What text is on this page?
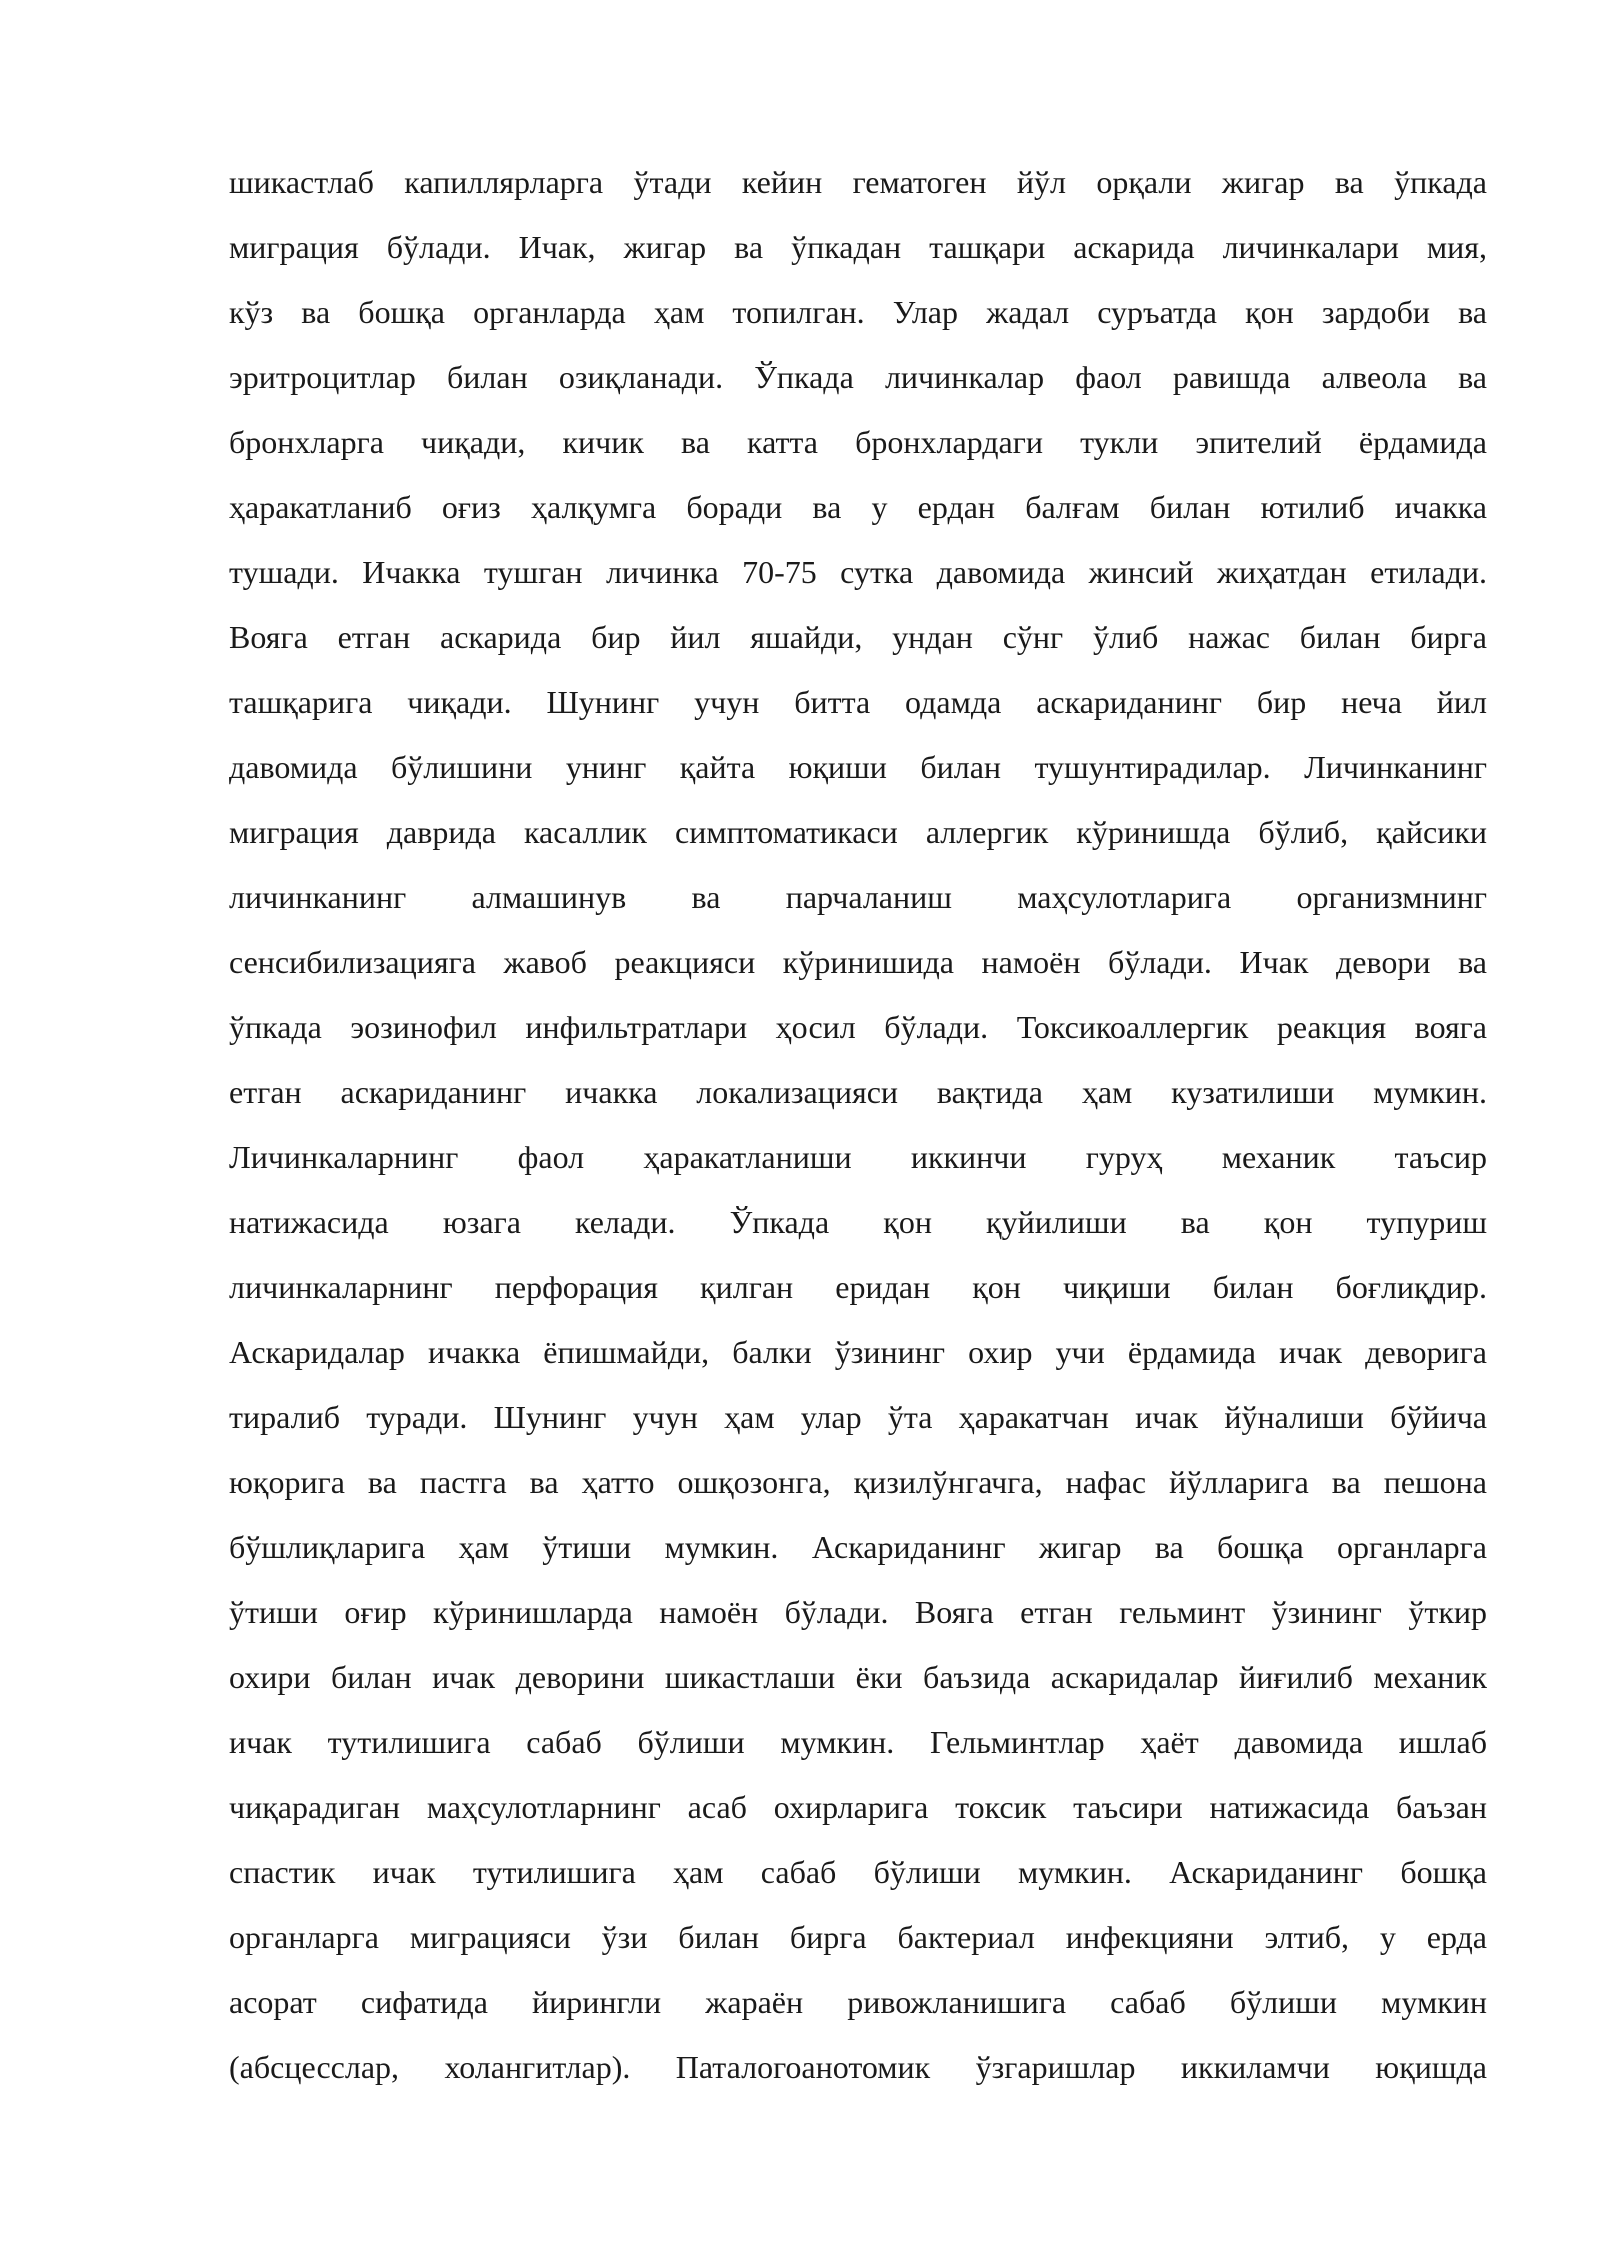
шикастлаб капиллярларга ўтади кейин гематоген йўл орқали жигар ва ўпкада
миграция бўлади. Ичак, жигар ва ўпкадан ташқари аскарида личинкалари мия,
кўз ва бошқа органларда ҳам топилган. Улар жадал суръатда қон зардоби ва
эритроцитлар билан озиқланади. Ўпкада личинкалар фаол равишда алвеола ва
бронхларга чиқади, кичик ва катта бронхлардаги тукли эпителий ёрдамида
ҳаракатланиб оғиз ҳалқумга боради ва у ердан балғам билан ютилиб ичакка
тушади. Ичакка тушган личинка 70-75 сутка давомида жинсий жиҳатдан етилади.
Вояга етган аскарида бир йил яшайди, ундан сўнг ўлиб нажас билан бирга
ташқарига чиқади. Шунинг учун битта одамда аскариданинг бир неча йил
давомида бўлишини унинг қайта юқиши билан тушунтирадилар. Личинканинг
миграция даврида касаллик симптоматикаси аллергик кўринишда бўлиб, қайсики
личинканинг алмашинув ва парчаланиш маҳсулотларига организмнинг
сенсибилизацияга жавоб реакцияси кўринишида намоён бўлади. Ичак девори ва
ўпкада эозинофил инфильтратлари ҳосил бўлади. Токсикоаллергик реакция вояга
етган аскариданинг ичакка локализацияси вақтида ҳам кузатилиши мумкин.
Личинкаларнинг фаол ҳаракатланиши иккинчи гуруҳ механик таъсир
натижасида юзага келади. Ўпкада қон қуйилиши ва қон тупуриш
личинкаларнинг перфорация қилган еридан қон чиқиши билан боғлиқдир.
Аскаридалар ичакка ёпишмайди, балки ўзининг охир учи ёрдамида ичак деворига
тиралиб туради. Шунинг учун ҳам улар ўта ҳаракатчан ичак йўналиши бўйича
юқорига ва пастга ва ҳатто ошқозонга, қизилўнгачга, нафас йўлларига ва пешона
бўшлиқларига ҳам ўтиши мумкин. Аскариданинг жигар ва бошқа органларга
ўтиши оғир кўринишларда намоён бўлади. Вояга етган гельминт ўзининг ўткир
охири билан ичак деворини шикастлаши ёки баъзида аскаридалар йиғилиб механик
ичак тутилишига сабаб бўлиши мумкин. Гельминтлар ҳаёт давомида ишлаб
чиқарадиган маҳсулотларнинг асаб охирларига токсик таъсири натижасида баъзан
спастик ичак тутилишига ҳам сабаб бўлиши мумкин. Аскариданинг бошқа
органларга миграцияси ўзи билан бирга бактериал инфекцияни элтиб, у ерда
асорат сифатида йирингли жараён ривожланишига сабаб бўлиши мумкин
(абсцесслар, холангитлар). Паталогоанотомик ўзгаришлар иккиламчи юқишда
